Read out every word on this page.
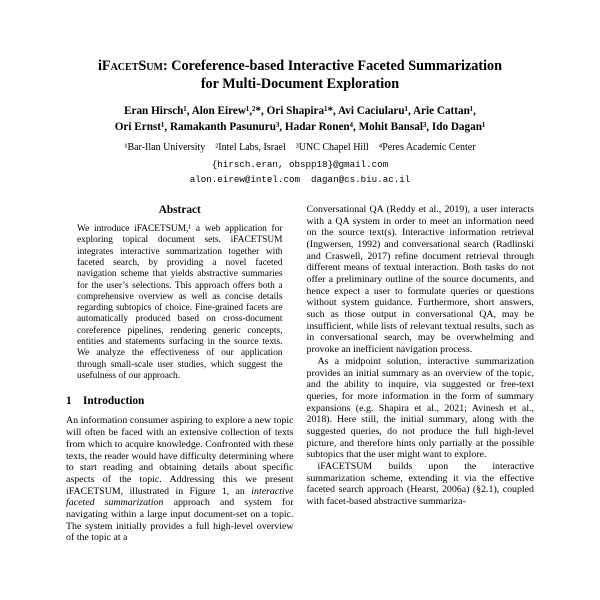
iFacetSum: Coreference-based Interactive Faceted Summarization
for Multi-Document Exploration
Eran Hirsch¹, Alon Eirew¹,²*, Ori Shapira¹*, Avi Caciularu¹, Arie Cattan¹,
Ori Ernst¹, Ramakanth Pasunuru³, Hadar Ronen⁴, Mohit Bansal³, Ido Dagan¹
¹Bar-Ilan University    ²Intel Labs, Israel    ³UNC Chapel Hill    ⁴Peres Academic Center
{hirsch.eran, obspp18}@gmail.com
alon.eirew@intel.com  dagan@cs.biu.ac.il
Abstract

We introduce iFACETSUM,¹ a web application for exploring topical document sets. iFACETSUM integrates interactive summarization together with faceted search, by providing a novel faceted navigation scheme that yields abstractive summaries for the user’s selections. This approach offers both a comprehensive overview as well as concise details regarding subtopics of choice. Fine-grained facets are automatically produced based on cross-document coreference pipelines, rendering generic concepts, entities and statements surfacing in the source texts. We analyze the effectiveness of our application through small-scale user studies, which suggest the usefulness of our approach.

1 Introduction

An information consumer aspiring to explore a new topic will often be faced with an extensive collection of texts from which to acquire knowledge. Confronted with these texts, the reader would have difficulty determining where to start reading and obtaining details about specific aspects of the topic. Addressing this we present iFACETSUM, illustrated in Figure 1, an interactive faceted summarization approach and system for navigating within a large input document-set on a topic. The system initially provides a full high-level overview of the topic at a

Conversational QA (Reddy et al., 2019), a user interacts with a QA system in order to meet an information need on the source text(s). Interactive information retrieval (Ingwersen, 1992) and conversational search (Radlinski and Craswell, 2017) refine document retrieval through different means of textual interaction. Both tasks do not offer a preliminary outline of the source documents, and hence expect a user to formulate queries or questions without system guidance. Furthermore, short answers, such as those output in conversational QA, may be insufficient, while lists of relevant textual results, such as in conversational search, may be overwhelming and provoke an inefficient navigation process.

As a midpoint solution, interactive summarization provides an initial summary as an overview of the topic, and the ability to inquire, via suggested or free-text queries, for more information in the form of summary expansions (e.g. Shapira et al., 2021; Avinesh et al., 2018). Here still, the initial summary, along with the suggested queries, do not produce the full high-level picture, and therefore hints only partially at the possible subtopics that the user might want to explore.

iFACETSUM builds upon the interactive summarization scheme, extending it via the effective faceted search approach (Hearst, 2006a) (§2.1), coupled with facet-based abstractive summariza-
